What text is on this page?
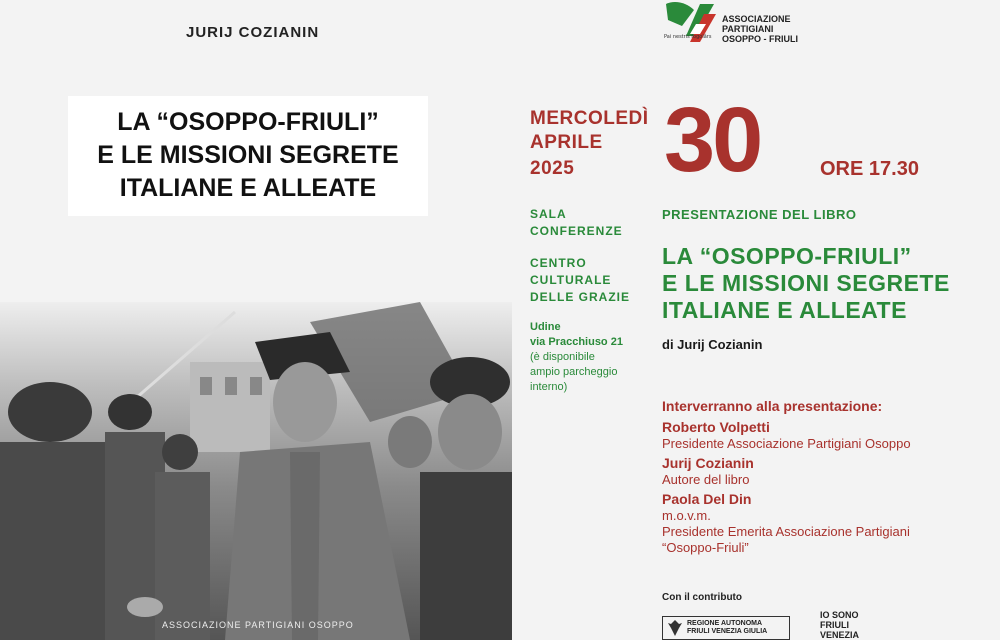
JURIJ COZIANIN
LA “OSOPPO-FRIULI”
E LE MISSIONI SEGRETE
ITALIANE E ALLEATE
ASSOCIAZIONE PARTIGIANI OSOPPO
Pai nestris fogolârs
ASSOCIAZIONE
PARTIGIANI
OSOPPO - FRIULI
MERCOLEDÌ
APRILE
2025 30	ORE 17.30
SALA
CONFERENZE
CENTRO
CULTURALE
DELLE GRAZIE
Udine
via Pracchiuso 21
(è disponibile
ampio parcheggio
interno)
PRESENTAZIONE DEL LIBRO
LA “OSOPPO-FRIULI”
E LE MISSIONI SEGRETE
ITALIANE E ALLEATE
di Jurij Cozianin
Interverranno alla presentazione:
Roberto Volpetti
Presidente Associazione Partigiani Osoppo
Jurij Cozianin
Autore del libro
Paola Del Din
m.o.v.m.
Presidente Emerita Associazione Partigiani
“Osoppo-Friuli”
Con il contributo
REGIONE AUTONOMA
FRIULI VENEZIA GIULIA
IO SONO
FRIULI
VENEZIA
